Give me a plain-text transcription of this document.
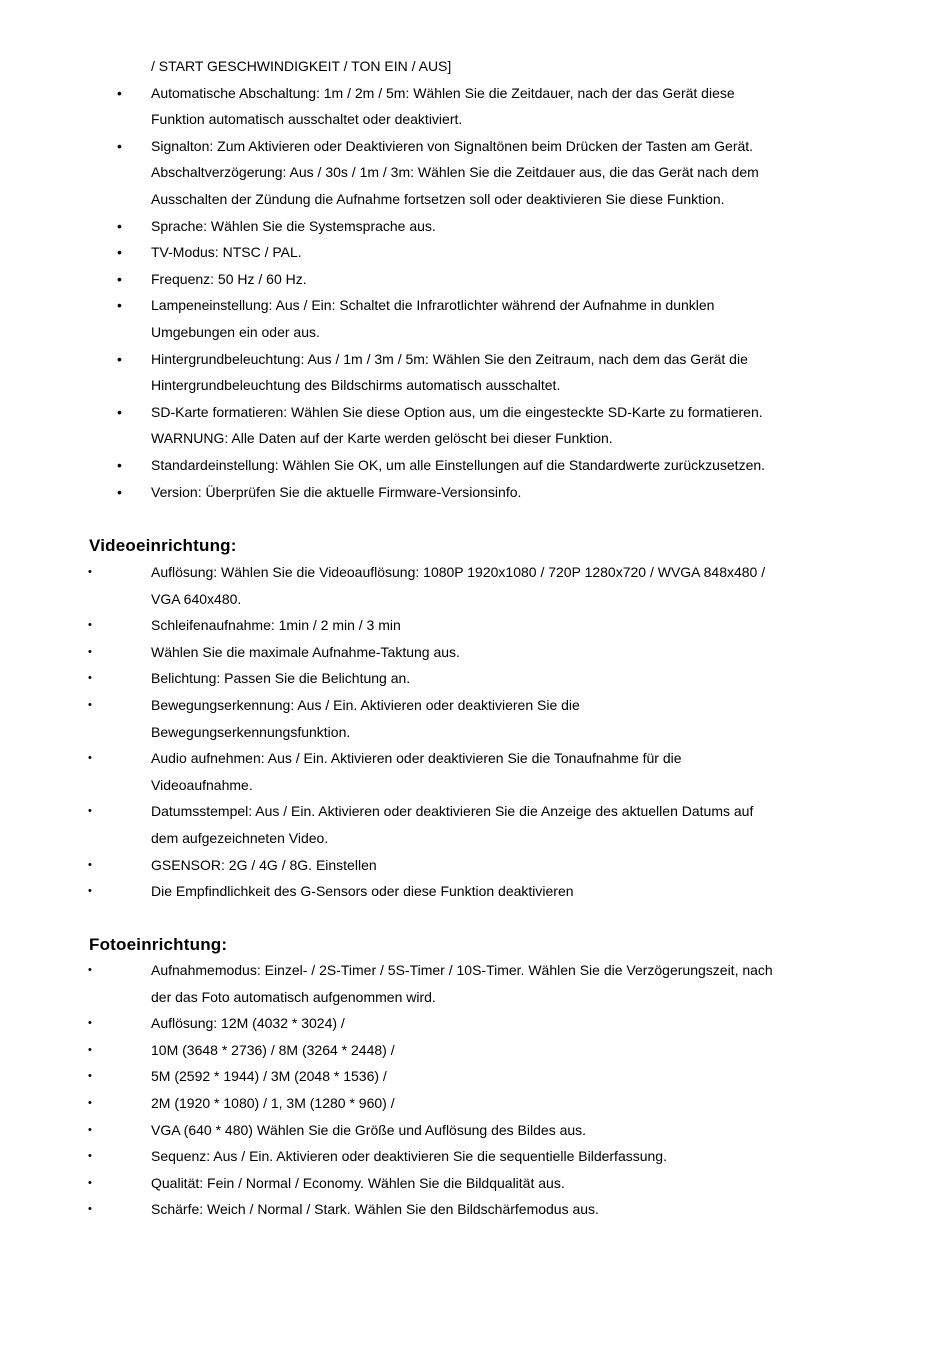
/ START GESCHWINDIGKEIT / TON EIN / AUS]
• Automatische Abschaltung: 1m / 2m / 5m: Wählen Sie die Zeitdauer, nach der das Gerät diese
Funktion automatisch ausschaltet oder deaktiviert.
• Signalton: Zum Aktivieren oder Deaktivieren von Signaltönen beim Drücken der Tasten am Gerät.
Abschaltverzögerung: Aus / 30s / 1m / 3m: Wählen Sie die Zeitdauer aus, die das Gerät nach dem
Ausschalten der Zündung die Aufnahme fortsetzen soll oder deaktivieren Sie diese Funktion.
• Sprache: Wählen Sie die Systemsprache aus.
• TV-Modus: NTSC / PAL.
• Frequenz: 50 Hz / 60 Hz.
• Lampeneinstellung: Aus / Ein: Schaltet die Infrarotlichter während der Aufnahme in dunklen
Umgebungen ein oder aus.
• Hintergrundbeleuchtung: Aus / 1m / 3m / 5m: Wählen Sie den Zeitraum, nach dem das Gerät die
Hintergrundbeleuchtung des Bildschirms automatisch ausschaltet.
• SD-Karte formatieren: Wählen Sie diese Option aus, um die eingesteckte SD-Karte zu formatieren.
WARNUNG: Alle Daten auf der Karte werden gelöscht bei dieser Funktion.
• Standardeinstellung: Wählen Sie OK, um alle Einstellungen auf die Standardwerte zurückzusetzen.
• Version: Überprüfen Sie die aktuelle Firmware-Versionsinfo.
Videoeinrichtung:
•	Auflösung: Wählen Sie die Videoauflösung: 1080P 1920x1080 / 720P 1280x720 / WVGA 848x480 /
VGA 640x480.
•	Schleifenaufnahme: 1min / 2 min / 3 min
•	Wählen Sie die maximale Aufnahme-Taktung aus.
•	Belichtung: Passen Sie die Belichtung an.
•	Bewegungserkennung: Aus / Ein. Aktivieren oder deaktivieren Sie die
Bewegungserkennungsfunktion.
•	Audio aufnehmen: Aus / Ein. Aktivieren oder deaktivieren Sie die Tonaufnahme für die
Videoaufnahme.
•	Datumsstempel: Aus / Ein. Aktivieren oder deaktivieren Sie die Anzeige des aktuellen Datums auf
dem aufgezeichneten Video.
•	GSENSOR: 2G / 4G / 8G. Einstellen
•	Die Empfindlichkeit des G-Sensors oder diese Funktion deaktivieren
Fotoeinrichtung:
•	Aufnahmemodus: Einzel- / 2S-Timer / 5S-Timer / 10S-Timer. Wählen Sie die Verzögerungszeit, nach
der das Foto automatisch aufgenommen wird.
•	Auflösung: 12M (4032 * 3024) /
•	10M (3648 * 2736) / 8M (3264 * 2448) /
•	5M (2592 * 1944) / 3M (2048 * 1536) /
•	2M (1920 * 1080) / 1, 3M (1280 * 960) /
•	VGA (640 * 480) Wählen Sie die Größe und Auflösung des Bildes aus.
•	Sequenz: Aus / Ein. Aktivieren oder deaktivieren Sie die sequentielle Bilderfassung.
•	Qualität: Fein / Normal / Economy. Wählen Sie die Bildqualität aus.
•	Schärfe: Weich / Normal / Stark. Wählen Sie den Bildschärfemodus aus.
